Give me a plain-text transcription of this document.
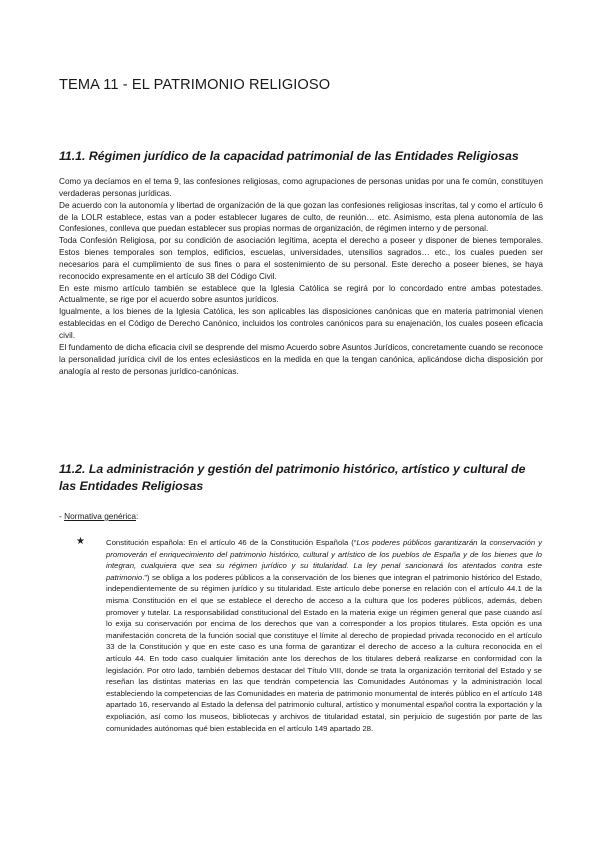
TEMA 11 - EL PATRIMONIO RELIGIOSO
11.1. Régimen jurídico de la capacidad patrimonial de las Entidades Religiosas

Como ya decíamos en el tema 9, las confesiones religiosas, como agrupaciones de personas unidas por una fe común, constituyen verdaderas personas jurídicas.

De acuerdo con la autonomía y libertad de organización de la que gozan las confesiones religiosas inscritas, tal y como el artículo 6 de la LOLR establece, estas van a poder establecer lugares de culto, de reunión… etc. Asimismo, esta plena autonomía de las Confesiones, conlleva que puedan establecer sus propias normas de organización, de régimen interno y de personal.

Toda Confesión Religiosa, por su condición de asociación legítima, acepta el derecho a poseer y disponer de bienes temporales. Estos bienes temporales son templos, edificios, escuelas, universidades, utensilios sagrados… etc., los cuales pueden ser necesarios para el cumplimiento de sus fines o para el sostenimiento de su personal. Este derecho a poseer bienes, se haya reconocido expresamente en el artículo 38 del Código Civil.

En este mismo artículo también se establece que la Iglesia Católica se regirá por lo concordado entre ambas potestades. Actualmente, se rige por el acuerdo sobre asuntos jurídicos.

Igualmente, a los bienes de la Iglesia Católica, les son aplicables las disposiciones canónicas que en materia patrimonial vienen establecidas en el Código de Derecho Canónico, incluidos los controles canónicos para su enajenación, los cuales poseen eficacia civil.

El fundamento de dicha eficacia civil se desprende del mismo Acuerdo sobre Asuntos Jurídicos, concretamente cuando se reconoce la personalidad jurídica civil de los entes eclesiásticos en la medida en que la tengan canónica, aplicándose dicha disposición por analogía al resto de personas jurídico-canónicas.

11.2. La administración y gestión del patrimonio histórico, artístico y cultural de las Entidades Religiosas
- Normativa genérica:
★	Constitución española: En el artículo 46 de la Constitución Española (“Los poderes públicos garantizarán la conservación y promoverán el enriquecimiento del patrimonio histórico, cultural y artístico de los pueblos de España y de los bienes que lo integran, cualquiera que sea su régimen jurídico y su titularidad. La ley penal sancionará los atentados contra este patrimonio.”) se obliga a los poderes públicos a la conservación de los bienes que integran el patrimonio histórico del Estado, independientemente de su régimen jurídico y su titularidad. Este artículo debe ponerse en relación con el artículo 44.1 de la misma Constitución en el que se establece el derecho de acceso a la cultura que los poderes públicos, además, deben promover y tutelar. La responsabilidad constitucional del Estado en la materia exige un régimen general que pase cuando así lo exija su conservación por encima de los derechos que van a corresponder a los propios titulares. Esta opción es una manifestación concreta de la función social que constituye el límite al derecho de propiedad privada reconocido en el artículo 33 de la Constitución y que en este caso es una forma de garantizar el derecho de acceso a la cultura reconocida en el artículo 44. En todo caso cualquier limitación ante los derechos de los titulares deberá realizarse en conformidad con la legislación. Por otro lado, también debemos destacar del Título VIII, donde se trata la organización territorial del Estado y se reseñan las distintas materias en las que tendrán competencia las Comunidades Autónomas y la administración local estableciendo la competencias de las Comunidades en materia de patrimonio monumental de interés público en el artículo 148 apartado 16, reservando al Estado la defensa del patrimonio cultural, artístico y monumental español contra la exportación y la expoliación, así como los museos, bibliotecas y archivos de titularidad estatal, sin perjuicio de sugestión por parte de las comunidades autónomas qué bien establecida en el artículo 149 apartado 28.
